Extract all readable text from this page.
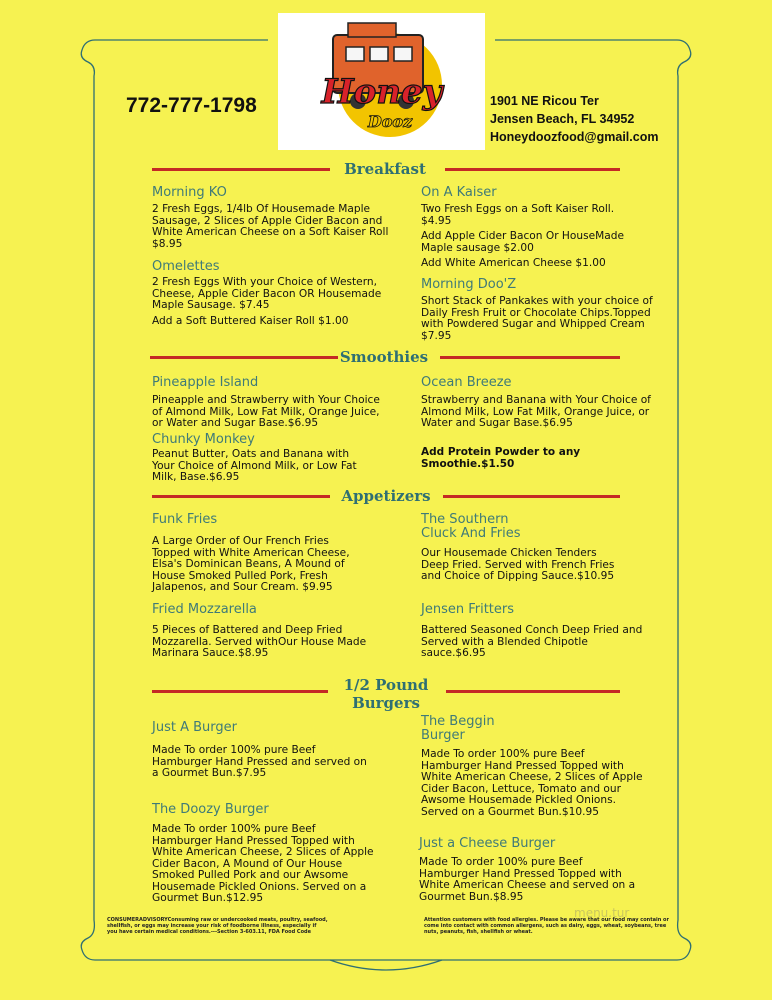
Honey
Dooz
772-777-1798	1901 NE Ricou Ter
Jensen Beach, FL 34952
Honeydoozfood@gmail.com
Breakfast
Morning KO
2 Fresh Eggs, 1/4lb Of Housemade Maple
Sausage, 2 Slices of Apple Cider Bacon and
White American Cheese on a Soft Kaiser Roll
$8.95
Omelettes
2 Fresh Eggs With your Choice of Western,
Cheese, Apple Cider Bacon OR Housemade
Maple Sausage. $7.45
Add a Soft Buttered Kaiser Roll $1.00
On A Kaiser
Two Fresh Eggs on a Soft Kaiser Roll.
$4.95
Add Apple Cider Bacon Or HouseMade
Maple sausage $2.00
Add White American Cheese $1.00
Morning Doo'Z
Short Stack of Pankakes with your choice of
Daily Fresh Fruit or Chocolate Chips.Topped
with Powdered Sugar and Whipped Cream
$7.95
Smoothies
Pineapple Island
Pineapple and Strawberry with Your Choice
of Almond Milk, Low Fat Milk, Orange Juice,
or Water and Sugar Base.$6.95
Chunky Monkey
Peanut Butter, Oats and Banana with
Your Choice of Almond Milk, or Low Fat
Milk, Base.$6.95
Ocean Breeze
Strawberry and Banana with Your Choice of
Almond Milk, Low Fat Milk, Orange Juice, or
Water and Sugar Base.$6.95
Add Protein Powder to any
Smoothie.$1.50
Appetizers
Funk Fries
A Large Order of Our French Fries
Topped with White American Cheese,
Elsa's Dominican Beans, A Mound of
House Smoked Pulled Pork, Fresh
Jalapenos, and Sour Cream. $9.95
Fried Mozzarella
5 Pieces of Battered and Deep Fried
Mozzarella. Served withOur House Made
Marinara Sauce.$8.95
The Southern
Cluck And Fries
Our Housemade Chicken Tenders
Deep Fried. Served with French Fries
and Choice of Dipping Sauce.$10.95
Jensen Fritters
Battered Seasoned Conch Deep Fried and
Served with a Blended Chipotle
sauce.$6.95
1/2 Pound
Burgers
Just A Burger
Made To order 100% pure Beef
Hamburger Hand Pressed and served on
a Gourmet Bun.$7.95
The Doozy Burger
Made To order 100% pure Beef
Hamburger Hand Pressed Topped with
White American Cheese, 2 Slices of Apple
Cider Bacon, A Mound of Our House
Smoked Pulled Pork and our Awsome
Housemade Pickled Onions. Served on a
Gourmet Bun.$12.95
The Beggin
Burger
Made To order 100% pure Beef
Hamburger Hand Pressed Topped with
White American Cheese, 2 Slices of Apple
Cider Bacon, Lettuce, Tomato and our
Awsome Housemade Pickled Onions.
Served on a Gourmet Bun.$10.95
Just a Cheese Burger
Made To order 100% pure Beef
Hamburger Hand Pressed Topped with
White American Cheese and served on a
Gourmet Bun.$8.95
CONSUMERADVISORYConsuming raw or undercooked meats, poultry, seafood,
shellfish, or eggs may increase your risk of foodborne illness, especially if
you have certain medical conditions.---Section 3-603.11, FDA Food Code
Attention customers with food allergies. Please be aware that our food may contain or
come into contact with common allergens, such as dairy, eggs, wheat, soybeans, tree
nuts, peanuts, fish, shellfish or wheat.
menu.tur
